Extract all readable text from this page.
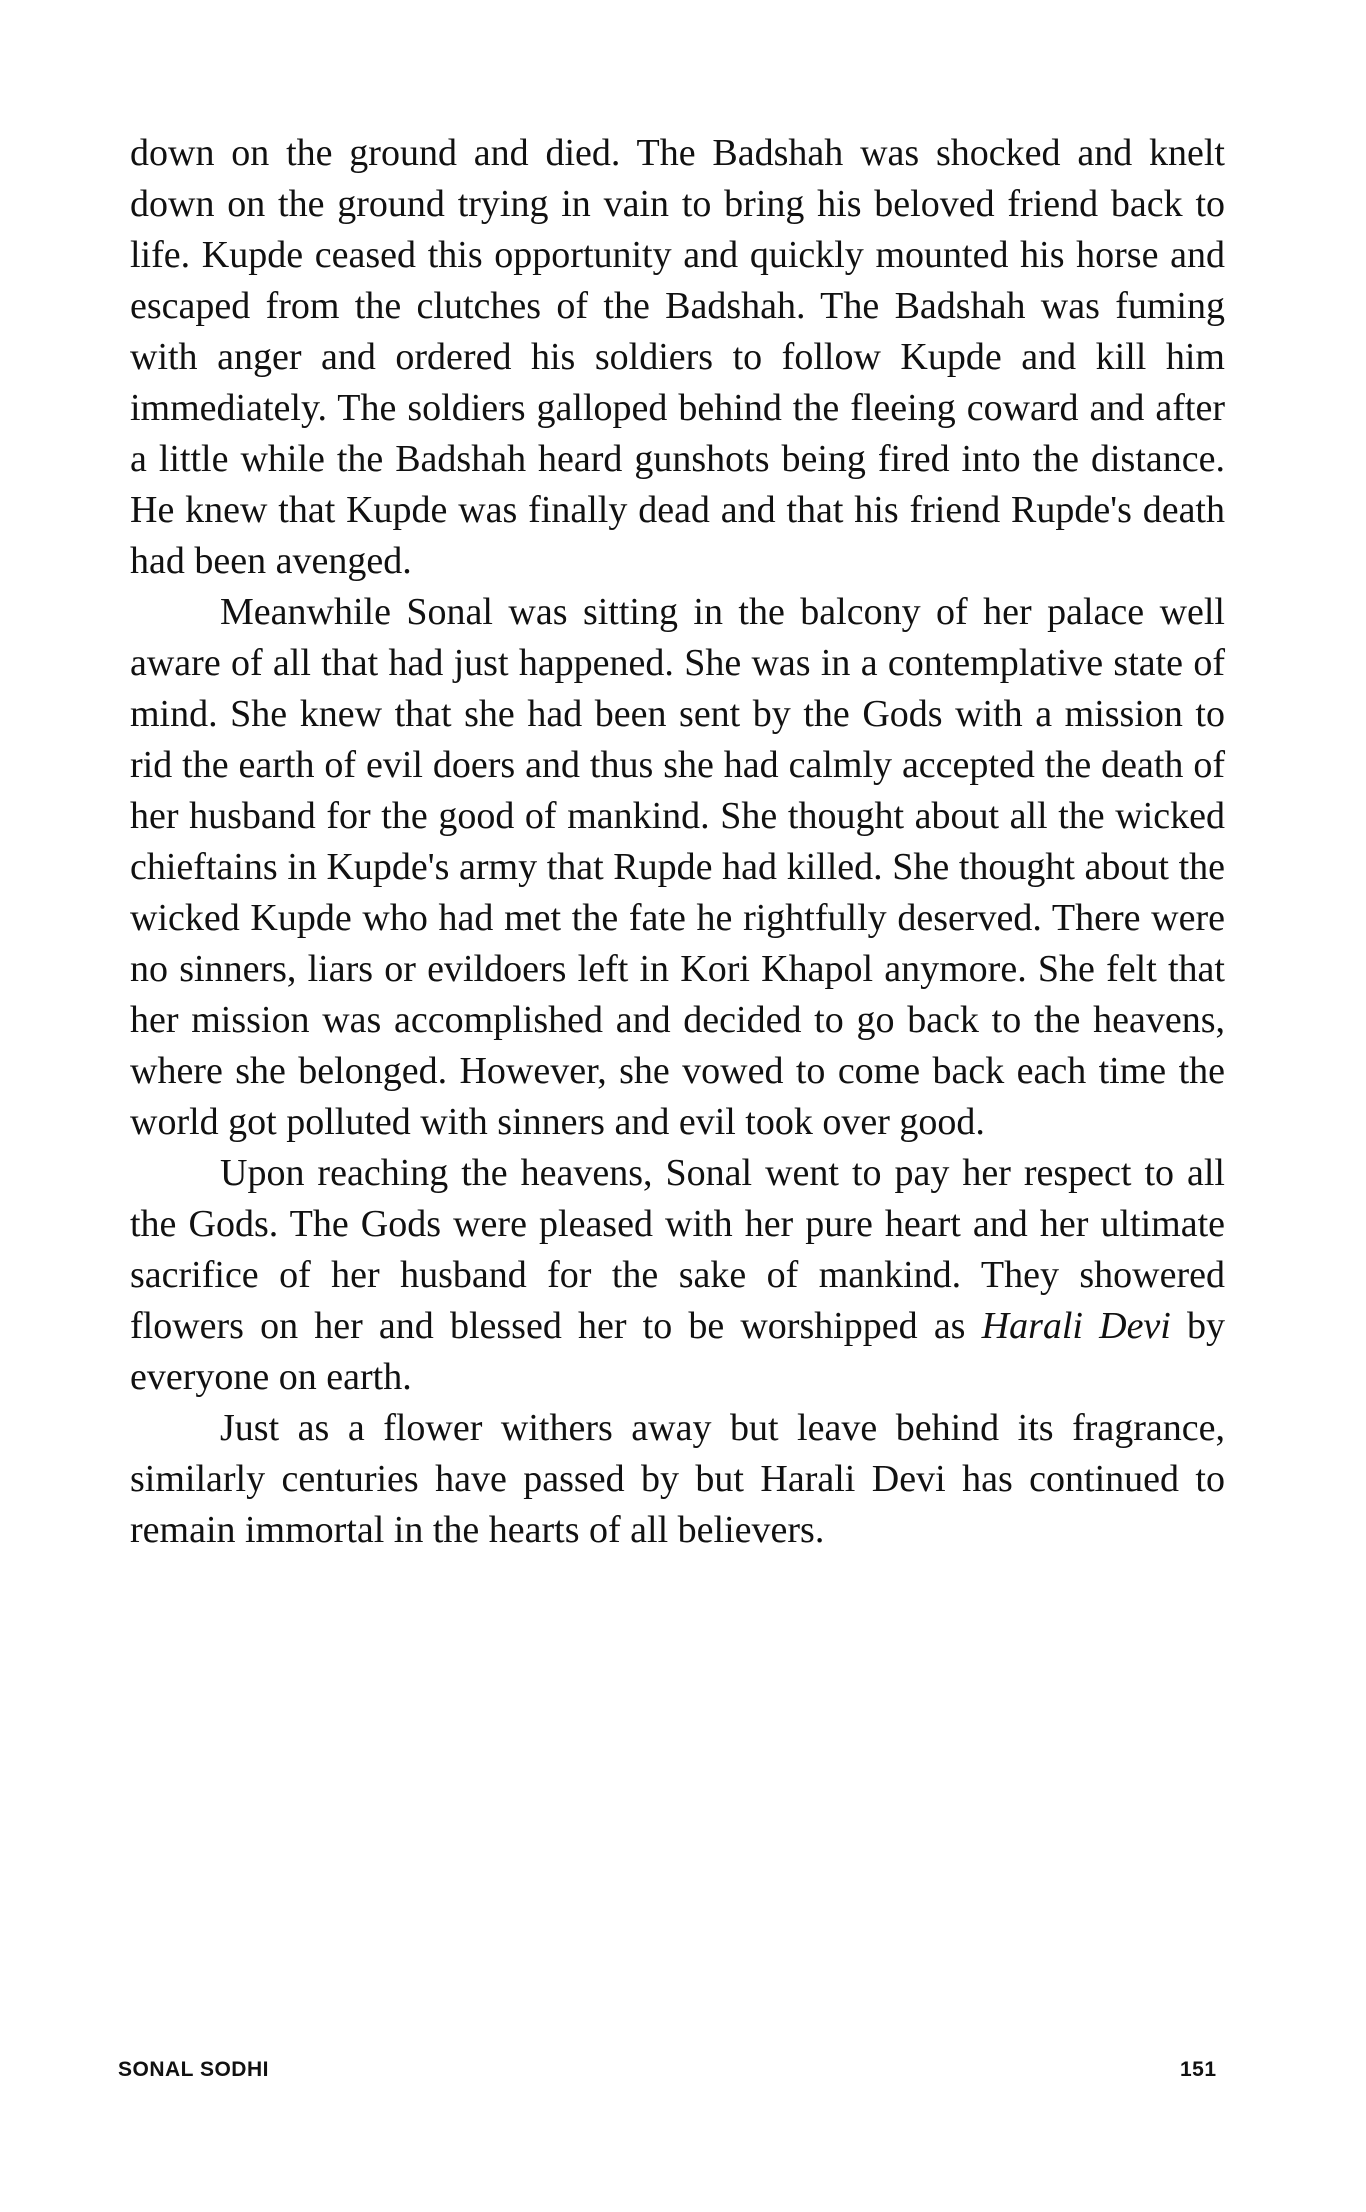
down on the ground and died. The Badshah was shocked and knelt down on the ground trying in vain to bring his beloved friend back to life. Kupde ceased this opportunity and quickly mounted his horse and escaped from the clutches of the Badshah. The Badshah was fuming with anger and ordered his soldiers to follow Kupde and kill him immediately. The soldiers galloped behind the fleeing coward and after a little while the Badshah heard gunshots being fired into the distance. He knew that Kupde was finally dead and that his friend Rupde's death had been avenged.

Meanwhile Sonal was sitting in the balcony of her palace well aware of all that had just happened. She was in a contemplative state of mind. She knew that she had been sent by the Gods with a mission to rid the earth of evil doers and thus she had calmly accepted the death of her husband for the good of mankind. She thought about all the wicked chieftains in Kupde's army that Rupde had killed. She thought about the wicked Kupde who had met the fate he rightfully deserved. There were no sinners, liars or evildoers left in Kori Khapol anymore. She felt that her mission was accomplished and decided to go back to the heavens, where she belonged. However, she vowed to come back each time the world got polluted with sinners and evil took over good.

Upon reaching the heavens, Sonal went to pay her respect to all the Gods. The Gods were pleased with her pure heart and her ultimate sacrifice of her husband for the sake of mankind. They showered flowers on her and blessed her to be worshipped as Harali Devi by everyone on earth.

Just as a flower withers away but leave behind its fragrance, similarly centuries have passed by but Harali Devi has continued to remain immortal in the hearts of all believers.

SONAL SODHI	151
